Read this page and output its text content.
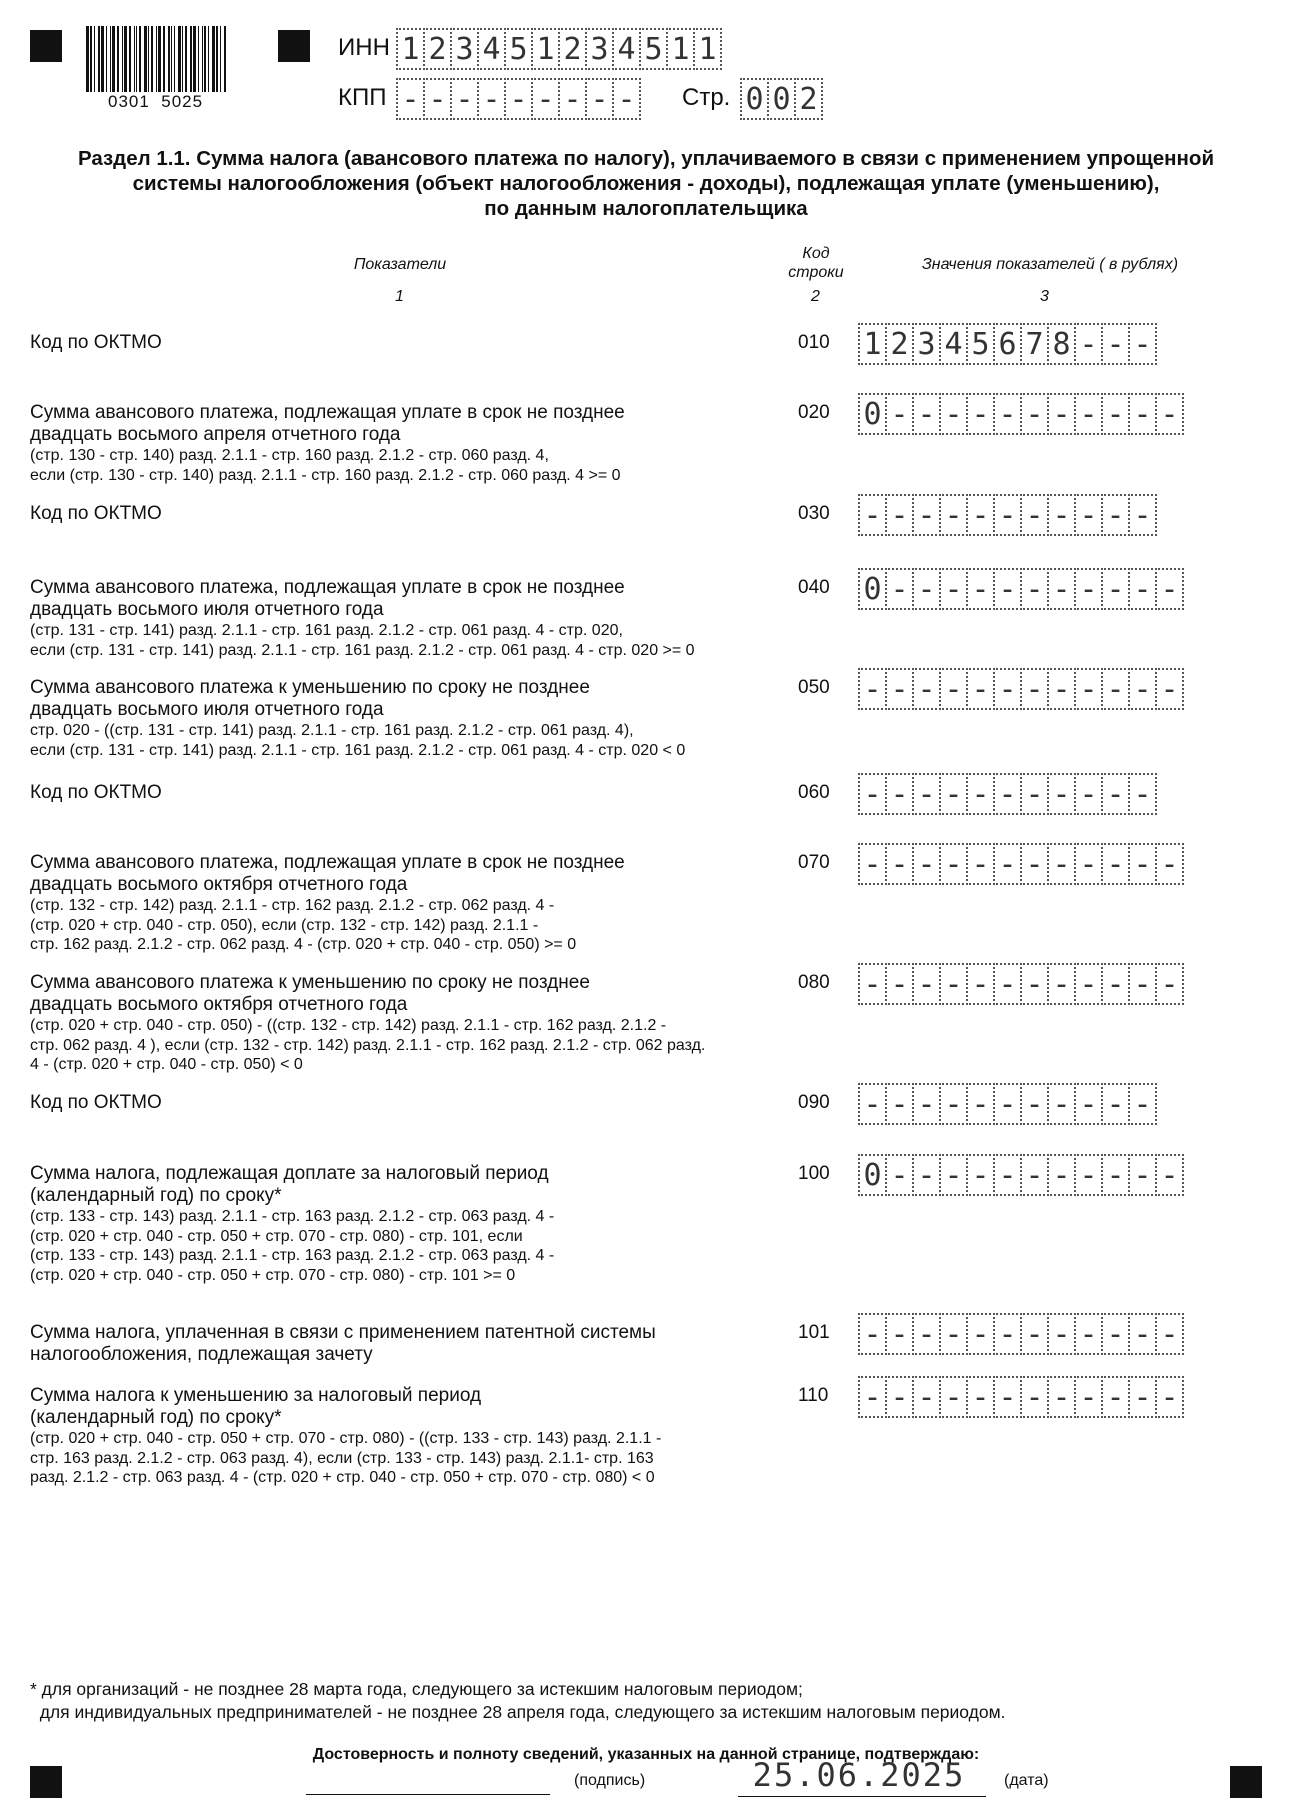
0301  5025
ИНН 1 2 3 4 5 1 2 3 4 5 1 1
КПП - - - - - - - - - Стр. 0 0 2
Раздел 1.1. Сумма налога (авансового платежа по налогу), уплачиваемого в связи с применением упрощенной
системы налогообложения (объект налогообложения - доходы), подлежащая уплате (уменьшению),
по данным налогоплательщика
Показатели
Код
строки	Значения показателей ( в рублях)
1	2	3
Код по ОКТМО	010 1 2 3 4 5 6 7 8 - - -
Сумма авансового платежа, подлежащая уплате в срок не позднее
двадцать восьмого апреля отчетного года
(стр. 130 - стр. 140) разд. 2.1.1 - стр. 160 разд. 2.1.2 - стр. 060 разд. 4,
если (стр. 130 - стр. 140) разд. 2.1.1 - стр. 160 разд. 2.1.2 - стр. 060 разд. 4 >= 0
020 0 - - - - - - - - - - -
Код по ОКТМО	030 - - - - - - - - - - -
Сумма авансового платежа, подлежащая уплате в срок не позднее
двадцать восьмого июля отчетного года
(стр. 131 - стр. 141) разд. 2.1.1 - стр. 161 разд. 2.1.2 - стр. 061 разд. 4 - стр. 020,
если (стр. 131 - стр. 141) разд. 2.1.1 - стр. 161 разд. 2.1.2 - стр. 061 разд. 4 - стр. 020 >= 0
040 0 - - - - - - - - - - -
Сумма авансового платежа к уменьшению по сроку не позднее
двадцать восьмого июля отчетного года
стр. 020 - ((стр. 131 - стр. 141) разд. 2.1.1 - стр. 161 разд. 2.1.2 - стр. 061 разд. 4),
если (стр. 131 - стр. 141) разд. 2.1.1 - стр. 161 разд. 2.1.2 - стр. 061 разд. 4 - стр. 020 < 0
050 - - - - - - - - - - - -
Код по ОКТМО	060 - - - - - - - - - - -
Сумма авансового платежа, подлежащая уплате в срок не позднее
двадцать восьмого октября отчетного года
(стр. 132 - стр. 142) разд. 2.1.1 - стр. 162 разд. 2.1.2 - стр. 062 разд. 4 -
(стр. 020 + стр. 040 - стр. 050), если (стр. 132 - стр. 142) разд. 2.1.1 -
стр. 162 разд. 2.1.2 - стр. 062 разд. 4 - (стр. 020 + стр. 040 - стр. 050) >= 0
070 - - - - - - - - - - - -
Сумма авансового платежа к уменьшению по сроку не позднее
двадцать восьмого октября отчетного года
(стр. 020 + стр. 040 - стр. 050) - ((стр. 132 - стр. 142) разд. 2.1.1 - стр. 162 разд. 2.1.2 -
стр. 062 разд. 4 ), если (стр. 132 - стр. 142) разд. 2.1.1 - стр. 162 разд. 2.1.2 - стр. 062 разд.
4 - (стр. 020 + стр. 040 - стр. 050) < 0
080 - - - - - - - - - - - -
Код по ОКТМО	090 - - - - - - - - - - -
Сумма налога, подлежащая доплате за налоговый период
(календарный год) по сроку*
(стр. 133 - стр. 143) разд. 2.1.1 - стр. 163 разд. 2.1.2 - стр. 063 разд. 4 -
(стр. 020 + стр. 040 - стр. 050 + стр. 070 - стр. 080) - стр. 101, если
(стр. 133 - стр. 143) разд. 2.1.1 - стр. 163 разд. 2.1.2 - стр. 063 разд. 4 -
(стр. 020 + стр. 040 - стр. 050 + стр. 070 - стр. 080) - стр. 101 >= 0
100 0 - - - - - - - - - - -
Сумма налога, уплаченная в связи с применением патентной системы
налогообложения, подлежащая зачету
101 - - - - - - - - - - - -
Сумма налога к уменьшению за налоговый период
(календарный год) по сроку*
(стр. 020 + стр. 040 - стр. 050 + стр. 070 - стр. 080) - ((стр. 133 - стр. 143) разд. 2.1.1 -
стр. 163 разд. 2.1.2 - стр. 063 разд. 4), если (стр. 133 - стр. 143) разд. 2.1.1- стр. 163
разд. 2.1.2 - стр. 063 разд. 4 - (стр. 020 + стр. 040 - стр. 050 + стр. 070 - стр. 080) < 0
110 - - - - - - - - - - - -
* для организаций - не позднее 28 марта года, следующего за истекшим налоговым периодом;
для индивидуальных предпринимателей - не позднее 28 апреля года, следующего за истекшим налоговым периодом.
Достоверность и полноту сведений, указанных на данной странице, подтверждаю:
(подпись)	25.06.2025	(дата)
